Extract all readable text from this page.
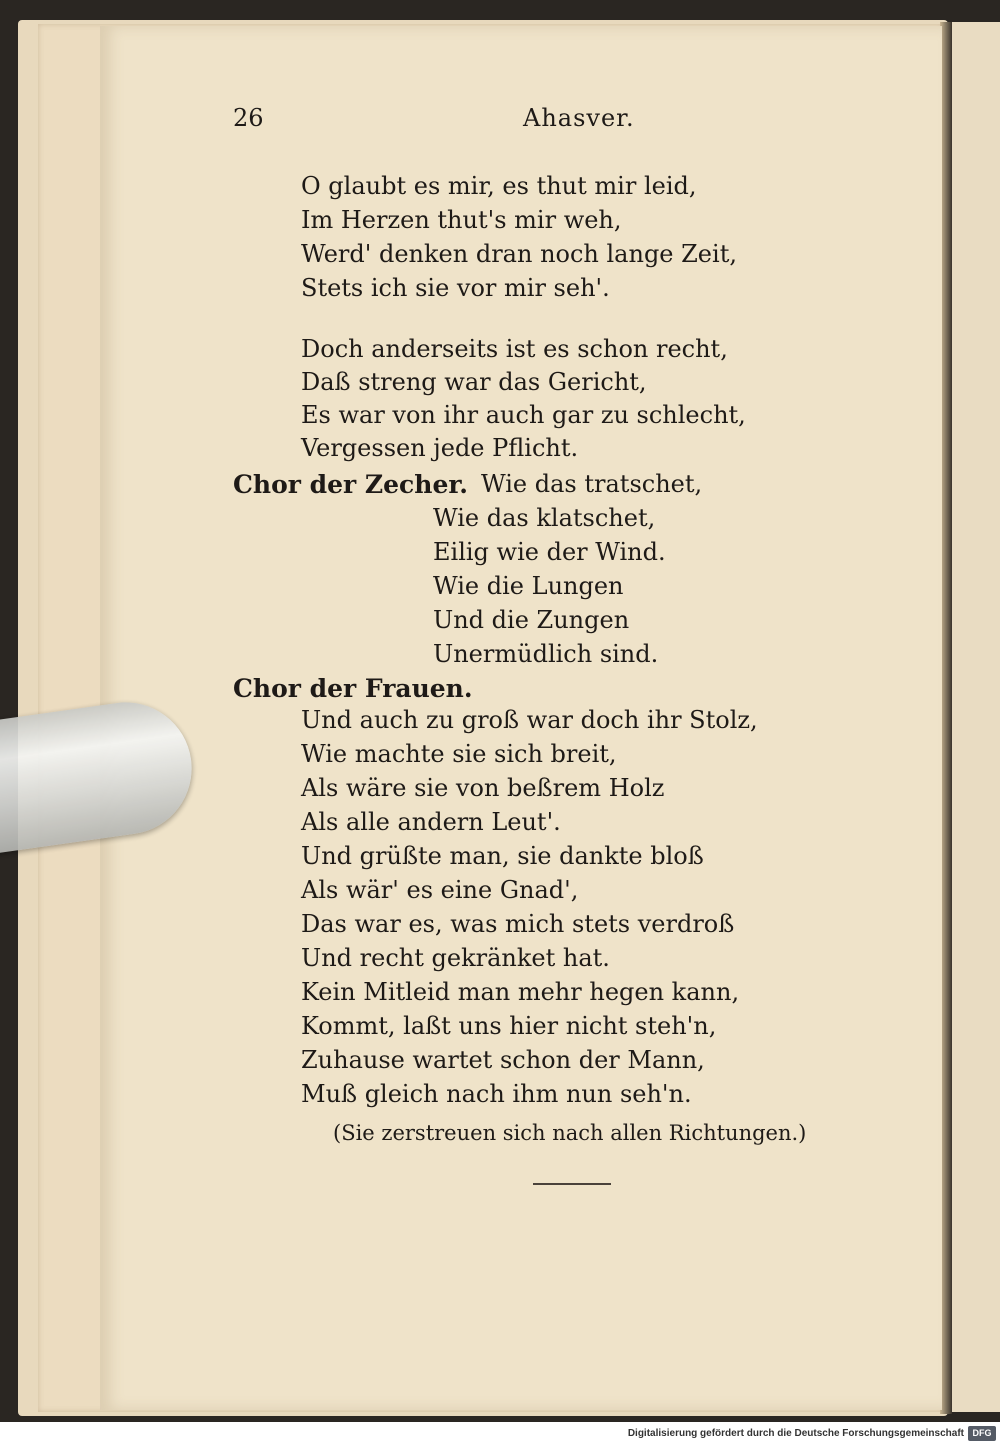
26	Ahasver.
O glaubt es mir, es thut mir leid,
Im Herzen thut's mir weh,
Werd' denken dran noch lange Zeit,
Stets ich sie vor mir seh'.
Doch anderseits ist es schon recht,
Daß streng war das Gericht,
Es war von ihr auch gar zu schlecht,
Vergessen jede Pflicht.
Chor der Zecher. Wie das tratschet,
Wie das klatschet,
Eilig wie der Wind.
Wie die Lungen
Und die Zungen
Unermüdlich sind.
Chor der Frauen.
Und auch zu groß war doch ihr Stolz,
Wie machte sie sich breit,
Als wäre sie von beßrem Holz
Als alle andern Leut'.
Und grüßte man, sie dankte bloß
Als wär' es eine Gnad',
Das war es, was mich stets verdroß
Und recht gekränket hat.
Kein Mitleid man mehr hegen kann,
Kommt, laßt uns hier nicht steh'n,
Zuhause wartet schon der Mann,
Muß gleich nach ihm nun seh'n.
(Sie zerstreuen sich nach allen Richtungen.)
Digitalisierung gefördert durch die Deutsche Forschungsgemeinschaft DFG
